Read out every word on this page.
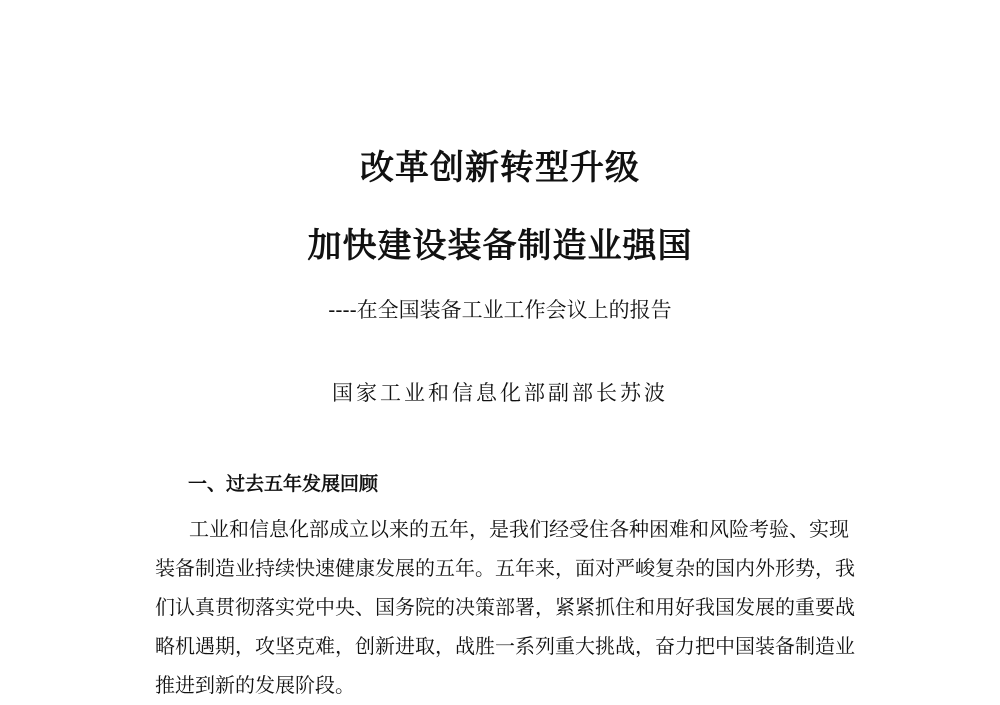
改革创新转型升级
加快建设装备制造业强国
----在全国装备工业工作会议上的报告
国家工业和信息化部副部长苏波
一、过去五年发展回顾
工业和信息化部成立以来的五年，是我们经受住各种困难和风险考验、实现
装备制造业持续快速健康发展的五年。五年来，面对严峻复杂的国内外形势，我
们认真贯彻落实党中央、国务院的决策部署，紧紧抓住和用好我国发展的重要战
略机遇期，攻坚克难，创新进取，战胜一系列重大挑战，奋力把中国装备制造业
推进到新的发展阶段。
